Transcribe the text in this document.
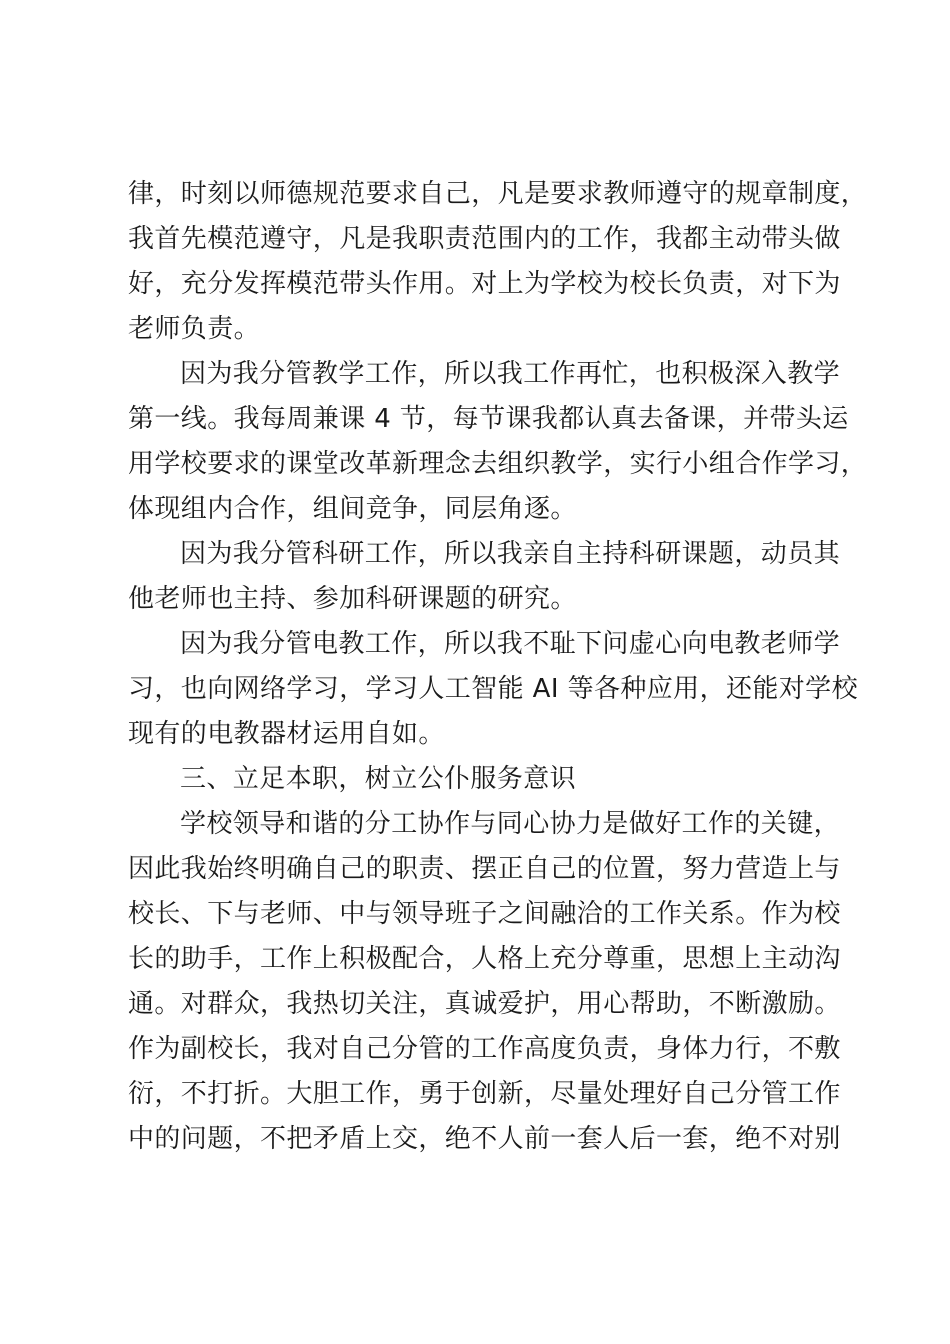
律，时刻以师德规范要求自己，凡是要求教师遵守的规章制度，
我首先模范遵守，凡是我职责范围内的工作，我都主动带头做
好，充分发挥模范带头作用。对上为学校为校长负责，对下为
老师负责。
因为我分管教学工作，所以我工作再忙，也积极深入教学
第一线。我每周兼课 4 节，每节课我都认真去备课，并带头运
用学校要求的课堂改革新理念去组织教学，实行小组合作学习，
体现组内合作，组间竞争，同层角逐。
因为我分管科研工作，所以我亲自主持科研课题，动员其
他老师也主持、参加科研课题的研究。
因为我分管电教工作，所以我不耻下问虚心向电教老师学
习，也向网络学习，学习人工智能 AI 等各种应用，还能对学校
现有的电教器材运用自如。
三、立足本职，树立公仆服务意识
学校领导和谐的分工协作与同心协力是做好工作的关键，
因此我始终明确自己的职责、摆正自己的位置，努力营造上与
校长、下与老师、中与领导班子之间融洽的工作关系。作为校
长的助手，工作上积极配合，人格上充分尊重，思想上主动沟
通。对群众，我热切关注，真诚爱护，用心帮助，不断激励。
作为副校长，我对自己分管的工作高度负责，身体力行，不敷
衍，不打折。大胆工作，勇于创新，尽量处理好自己分管工作
中的问题，不把矛盾上交，绝不人前一套人后一套，绝不对别
